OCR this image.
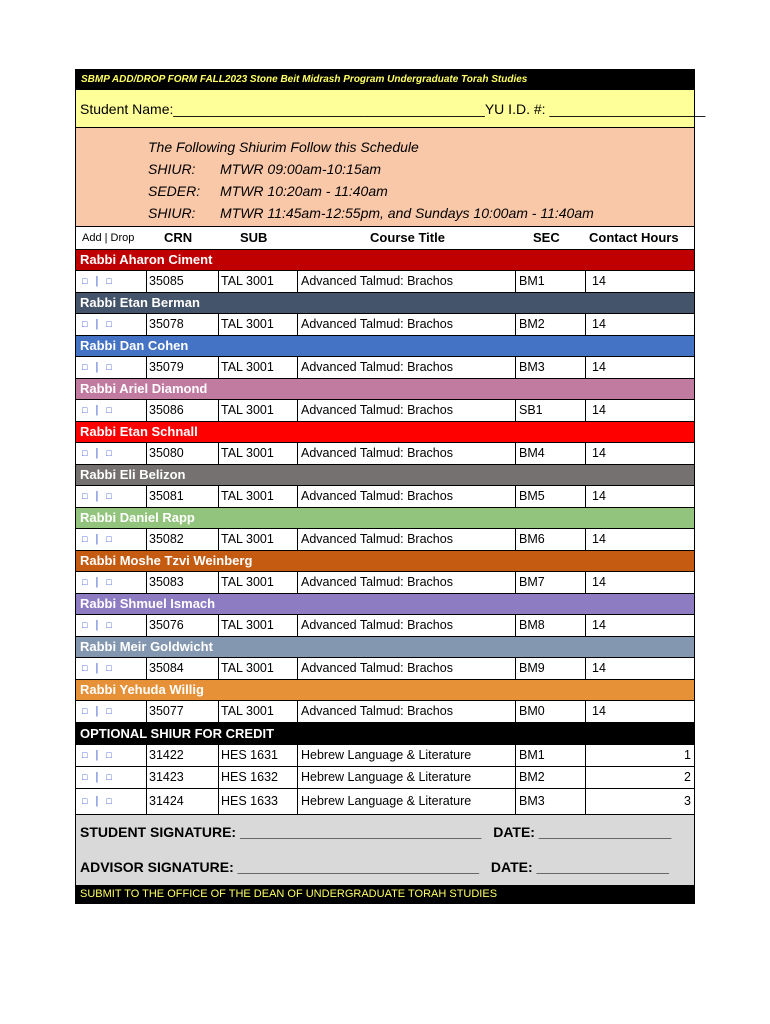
SBMP ADD/DROP FORM FALL2023 Stone Beit Midrash Program Undergraduate Torah Studies
Student Name: ________________________________________ YU I.D. #: ____________________
The Following Shiurim Follow this Schedule
SHIUR:	MTWR 09:00am-10:15am
SEDER:	MTWR 10:20am - 11:40am
SHIUR:	MTWR 11:45am-12:55pm, and Sundays 10:00am - 11:40am
Add | Drop	CRN	SUB	Course Title	SEC	Contact Hours
Rabbi Aharon Ciment
□ | □	35085	TAL 3001	Advanced Talmud: Brachos	BM1	14
Rabbi Etan Berman
□ | □	35078	TAL 3001	Advanced Talmud: Brachos	BM2	14
Rabbi Dan Cohen
□ | □	35079	TAL 3001	Advanced Talmud: Brachos	BM3	14
Rabbi Ariel Diamond
□ | □	35086	TAL 3001	Advanced Talmud: Brachos	SB1	14
Rabbi Etan Schnall
□ | □	35080	TAL 3001	Advanced Talmud: Brachos	BM4	14
Rabbi Eli Belizon
□ | □	35081	TAL 3001	Advanced Talmud: Brachos	BM5	14
Rabbi Daniel Rapp
□ | □	35082	TAL 3001	Advanced Talmud: Brachos	BM6	14
Rabbi Moshe Tzvi Weinberg
□ | □	35083	TAL 3001	Advanced Talmud: Brachos	BM7	14
Rabbi Shmuel Ismach
□ | □	35076	TAL 3001	Advanced Talmud: Brachos	BM8	14
Rabbi Meir Goldwicht
□ | □	35084	TAL 3001	Advanced Talmud: Brachos	BM9	14
Rabbi Yehuda Willig
□ | □	35077	TAL 3001	Advanced Talmud: Brachos	BM0	14
OPTIONAL SHIUR FOR CREDIT
□ | □	31422	HES 1631	Hebrew Language & Literature	BM1	1
□ | □	31423	HES 1632	Hebrew Language & Literature	BM2	2
□ | □	31424	HES 1633	Hebrew Language & Literature	BM3	3
STUDENT SIGNATURE: _______________________________ DATE: _________________
ADVISOR SIGNATURE: _______________________________ DATE: _________________
SUBMIT TO THE OFFICE OF THE DEAN OF UNDERGRADUATE TORAH STUDIES
